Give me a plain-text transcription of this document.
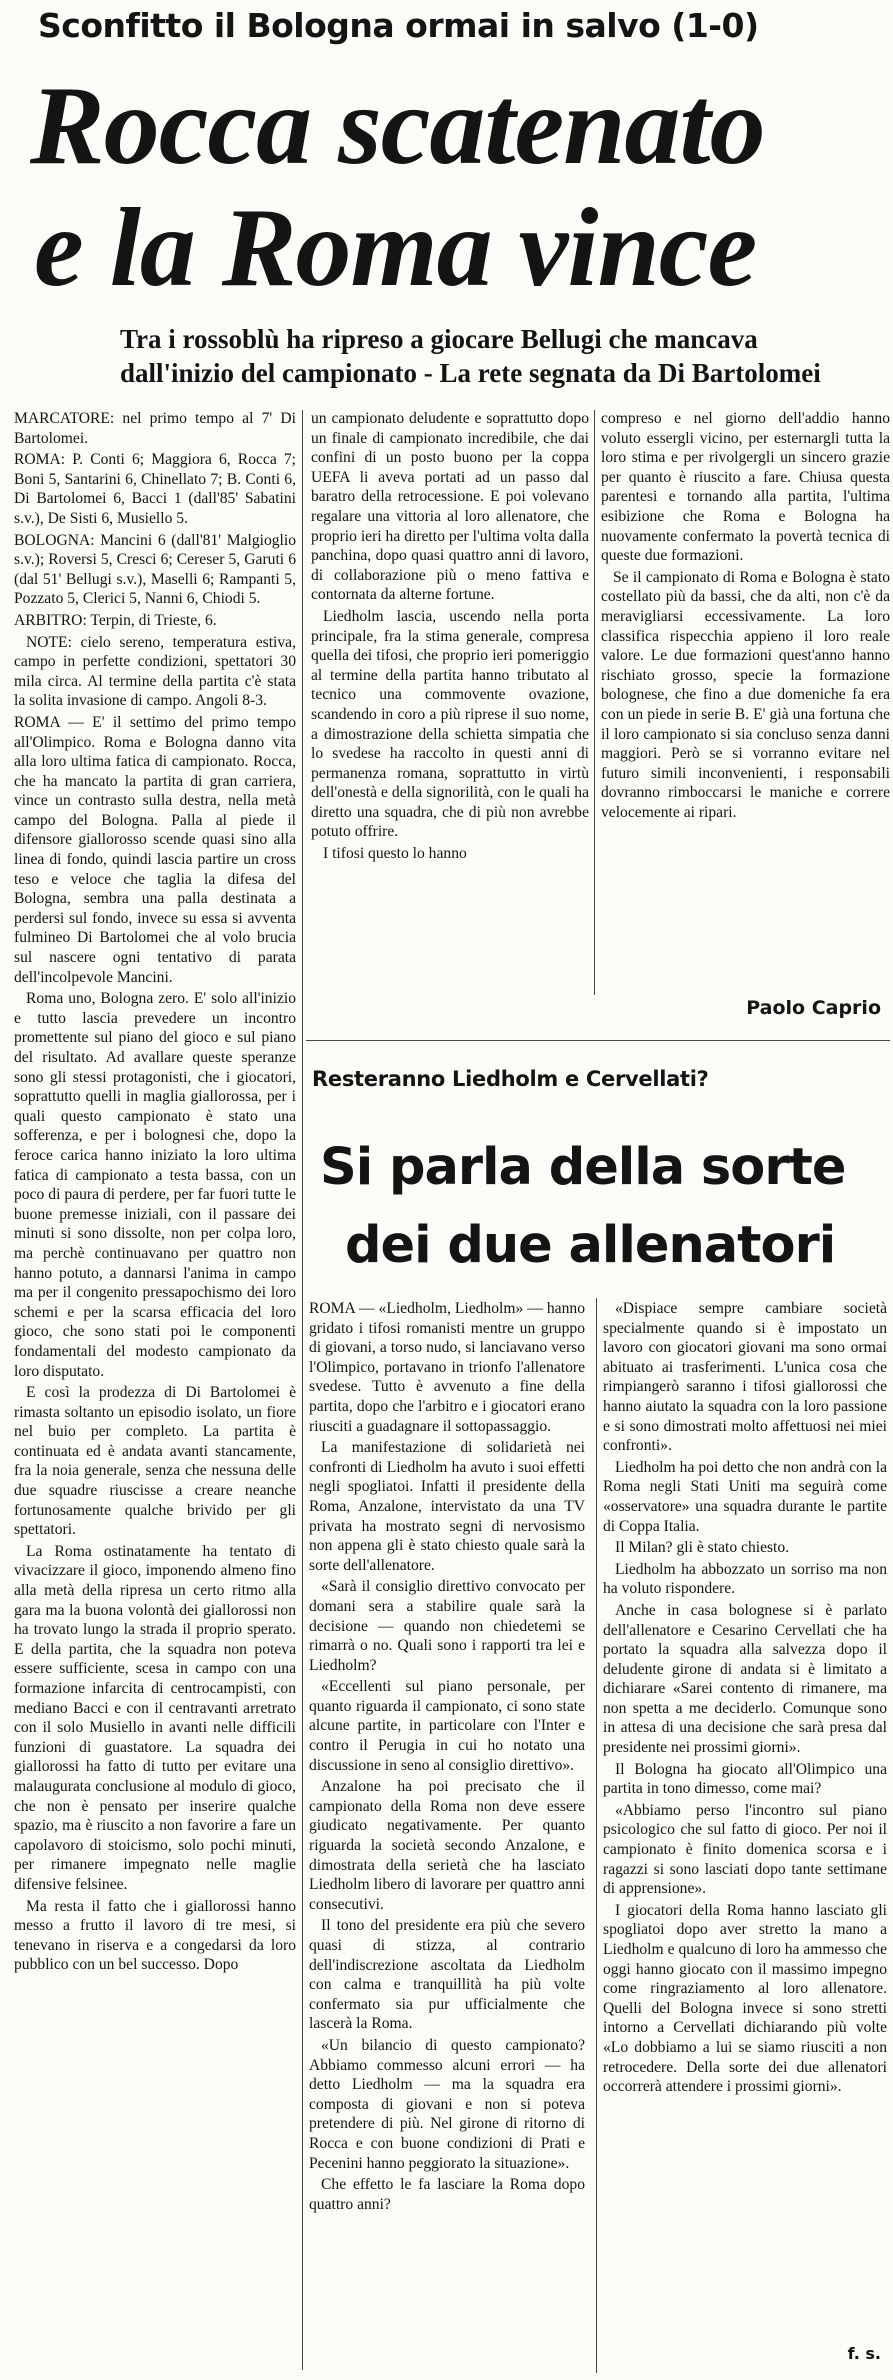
Sconfitto il Bologna ormai in salvo (1-0)
Rocca scatenato
e la Roma vince

Tra i rossoblù ha ripreso a giocare Bellugi che mancava

dall'inizio del campionato - La rete segnata da Di Bartolomei

MARCATORE: nel primo tempo al 7' Di Bartolomei.

ROMA: P. Conti 6; Maggiora 6, Rocca 7; Boni 5, Santarini 6, Chinellato 7; B. Conti 6, Di Bartolomei 6, Bacci 1 (dall'85' Sabatini s.v.), De Sisti 6, Musiello 5.

BOLOGNA: Mancini 6 (dall'81' Malgioglio s.v.); Roversi 5, Cresci 6; Cereser 5, Garuti 6 (dal 51' Bellugi s.v.), Maselli 6; Rampanti 5, Pozzato 5, Clerici 5, Nanni 6, Chiodi 5.

ARBITRO: Terpin, di Trieste, 6.

NOTE: cielo sereno, temperatura estiva, campo in perfette condizioni, spettatori 30 mila circa. Al termine della partita c'è stata la solita invasione di campo. Angoli 8-3.

ROMA — E' il settimo del primo tempo all'Olimpico. Roma e Bologna danno vita alla loro ultima fatica di campionato. Rocca, che ha mancato la partita di gran carriera, vince un contrasto sulla destra, nella metà campo del Bologna. Palla al piede il difensore giallorosso scende quasi sino alla linea di fondo, quindi lascia partire un cross teso e veloce che taglia la difesa del Bologna, sembra una palla destinata a perdersi sul fondo, invece su essa si avventa fulmineo Di Bartolomei che al volo brucia sul nascere ogni tentativo di parata dell'incolpevole Mancini.

Roma uno, Bologna zero. E' solo all'inizio e tutto lascia prevedere un incontro promettente sul piano del gioco e sul piano del risultato. Ad avallare queste speranze sono gli stessi protagonisti, che i giocatori, soprattutto quelli in maglia giallorossa, per i quali questo campionato è stato una sofferenza, e per i bolognesi che, dopo la feroce carica hanno iniziato la loro ultima fatica di campionato a testa bassa, con un poco di paura di perdere, per far fuori tutte le buone premesse iniziali, con il passare dei minuti si sono dissolte, non per colpa loro, ma perchè continuavano per quattro non hanno potuto, a dannarsi l'anima in campo ma per il congenito pressapochismo dei loro schemi e per la scarsa efficacia del loro gioco, che sono stati poi le componenti fondamentali del modesto campionato da loro disputato.

E così la prodezza di Di Bartolomei è rimasta soltanto un episodio isolato, un fiore nel buio per completo. La partita è continuata ed è andata avanti stancamente, fra la noia generale, senza che nessuna delle due squadre riuscisse a creare neanche fortunosamente qualche brivido per gli spettatori.

La Roma ostinatamente ha tentato di vivacizzare il gioco, imponendo almeno fino alla metà della ripresa un certo ritmo alla gara ma la buona volontà dei giallorossi non ha trovato lungo la strada il proprio sperato. E della partita, che la squadra non poteva essere sufficiente, scesa in campo con una formazione infarcita di centrocampisti, con mediano Bacci e con il centravanti arretrato con il solo Musiello in avanti nelle difficili funzioni di guastatore. La squadra dei giallorossi ha fatto di tutto per evitare una malaugurata conclusione al modulo di gioco, che non è pensato per inserire qualche spazio, ma è riuscito a non favorire a fare un capolavoro di stoicismo, solo pochi minuti, per rimanere impegnato nelle maglie difensive felsinee.

Ma resta il fatto che i giallorossi hanno messo a frutto il lavoro di tre mesi, si tenevano in riserva e a congedarsi da loro pubblico con un bel successo. Dopo

un campionato deludente e soprattutto dopo un finale di campionato incredibile, che dai confini di un posto buono per la coppa UEFA li aveva portati ad un passo dal baratro della retrocessione. E poi volevano regalare una vittoria al loro allenatore, che proprio ieri ha diretto per l'ultima volta dalla panchina, dopo quasi quattro anni di lavoro, di collaborazione più o meno fattiva e contornata da alterne fortune.

Liedholm lascia, uscendo nella porta principale, fra la stima generale, compresa quella dei tifosi, che proprio ieri pomeriggio al termine della partita hanno tributato al tecnico una commovente ovazione, scandendo in coro a più riprese il suo nome, a dimostrazione della schietta simpatia che lo svedese ha raccolto in questi anni di permanenza romana, soprattutto in virtù dell'onestà e della signorilità, con le quali ha diretto una squadra, che di più non avrebbe potuto offrire.

I tifosi questo lo hanno

compreso e nel giorno dell'addio hanno voluto essergli vicino, per esternargli tutta la loro stima e per rivolgergli un sincero grazie per quanto è riuscito a fare. Chiusa questa parentesi e tornando alla partita, l'ultima esibizione che Roma e Bologna ha nuovamente confermato la povertà tecnica di queste due formazioni.

Se il campionato di Roma e Bologna è stato costellato più da bassi, che da alti, non c'è da meravigliarsi eccessivamente. La loro classifica rispecchia appieno il loro reale valore. Le due formazioni quest'anno hanno rischiato grosso, specie la formazione bolognese, che fino a due domeniche fa era con un piede in serie B. E' già una fortuna che il loro campionato si sia concluso senza danni maggiori. Però se si vorranno evitare nel futuro simili inconvenienti, i responsabili dovranno rimboccarsi le maniche e correre velocemente ai ripari.

Paolo Caprio
Resteranno Liedholm e Cervellati?
Si parla della sorte
dei due allenatori

ROMA — «Liedholm, Liedholm» — hanno gridato i tifosi romanisti mentre un gruppo di giovani, a torso nudo, si lanciavano verso l'Olimpico, portavano in trionfo l'allenatore svedese. Tutto è avvenuto a fine della partita, dopo che l'arbitro e i giocatori erano riusciti a guadagnare il sottopassaggio.

La manifestazione di solidarietà nei confronti di Liedholm ha avuto i suoi effetti negli spogliatoi. Infatti il presidente della Roma, Anzalone, intervistato da una TV privata ha mostrato segni di nervosismo non appena gli è stato chiesto quale sarà la sorte dell'allenatore.

«Sarà il consiglio direttivo convocato per domani sera a stabilire quale sarà la decisione — quando non chiedetemi se rimarrà o no. Quali sono i rapporti tra lei e Liedholm?

«Eccellenti sul piano personale, per quanto riguarda il campionato, ci sono state alcune partite, in particolare con l'Inter e contro il Perugia in cui ho notato una discussione in seno al consiglio direttivo».

Anzalone ha poi precisato che il campionato della Roma non deve essere giudicato negativamente. Per quanto riguarda la società secondo Anzalone, e dimostrata della serietà che ha lasciato Liedholm libero di lavorare per quattro anni consecutivi.

Il tono del presidente era più che severo quasi di stizza, al contrario dell'indiscrezione ascoltata da Liedholm con calma e tranquillità ha più volte confermato sia pur ufficialmente che lascerà la Roma.

«Un bilancio di questo campionato? Abbiamo commesso alcuni errori — ha detto Liedholm — ma la squadra era composta di giovani e non si poteva pretendere di più. Nel girone di ritorno di Rocca e con buone condizioni di Prati e Pecenini hanno peggiorato la situazione».

Che effetto le fa lasciare la Roma dopo quattro anni?

«Dispiace sempre cambiare società specialmente quando si è impostato un lavoro con giocatori giovani ma sono ormai abituato ai trasferimenti. L'unica cosa che rimpiangerò saranno i tifosi giallorossi che hanno aiutato la squadra con la loro passione e si sono dimostrati molto affettuosi nei miei confronti».

Liedholm ha poi detto che non andrà con la Roma negli Stati Uniti ma seguirà come «osservatore» una squadra durante le partite di Coppa Italia.

Il Milan? gli è stato chiesto.

Liedholm ha abbozzato un sorriso ma non ha voluto rispondere.

Anche in casa bolognese si è parlato dell'allenatore e Cesarino Cervellati che ha portato la squadra alla salvezza dopo il deludente girone di andata si è limitato a dichiarare «Sarei contento di rimanere, ma non spetta a me deciderlo. Comunque sono in attesa di una decisione che sarà presa dal presidente nei prossimi giorni».

Il Bologna ha giocato all'Olimpico una partita in tono dimesso, come mai?

«Abbiamo perso l'incontro sul piano psicologico che sul fatto di gioco. Per noi il campionato è finito domenica scorsa e i ragazzi si sono lasciati dopo tante settimane di apprensione».

I giocatori della Roma hanno lasciato gli spogliatoi dopo aver stretto la mano a Liedholm e qualcuno di loro ha ammesso che oggi hanno giocato con il massimo impegno come ringraziamento al loro allenatore. Quelli del Bologna invece si sono stretti intorno a Cervellati dichiarando più volte «Lo dobbiamo a lui se siamo riusciti a non retrocedere. Della sorte dei due allenatori occorrerà attendere i prossimi giorni».

f. s.
